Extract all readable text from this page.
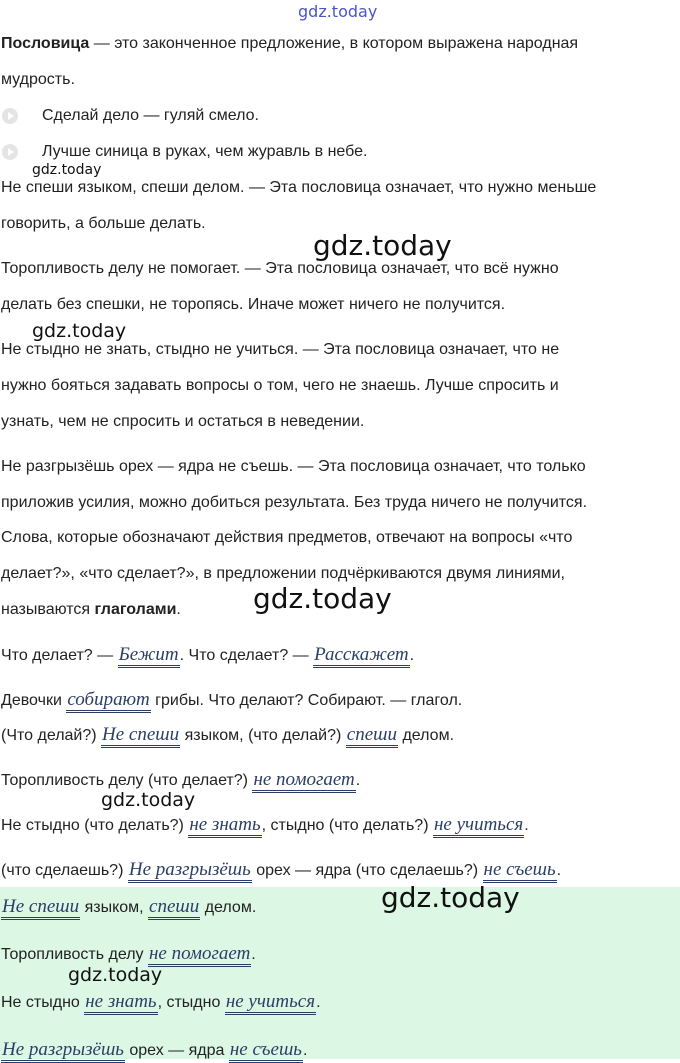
Пословица — это законченное предложение, в котором выражена народная
мудрость.
Сделай дело — гуляй смело.
Лучше синица в руках, чем журавль в небе.
Не спеши языком, спеши делом. — Эта пословица означает, что нужно меньше
говорить, а больше делать.
Торопливость делу не помогает. — Эта пословица означает, что всё нужно
делать без спешки, не торопясь. Иначе может ничего не получится.
Не стыдно не знать, стыдно не учиться. — Эта пословица означает, что не
нужно бояться задавать вопросы о том, чего не знаешь. Лучше спросить и
узнать, чем не спросить и остаться в неведении.
Не разгрызёшь орех — ядра не съешь. — Эта пословица означает, что только
приложив усилия, можно добиться результата. Без труда ничего не получится.
Слова, которые обозначают действия предметов, отвечают на вопросы «что
делает?», «что сделает?», в предложении подчёркиваются двумя линиями,
называются глаголами.
Что делает? — Бежит. Что сделает? — Расскажет.
Девочки собирают грибы. Что делают? Собирают. — глагол.
(Что делай?) Не спеши языком, (что делай?) спеши делом.
Торопливость делу (что делает?) не помогает.
Не стыдно (что делать?) не знать, стыдно (что делать?) не учиться.
(что сделаешь?) Не разгрызёшь орех — ядра (что сделаешь?) не съешь.
Не спеши языком, спеши делом.
Торопливость делу не помогает.
Не стыдно не знать, стыдно не учиться.
Не разгрызёшь орех — ядра не съешь.
gdz.today
gdz.today
gdz.today
gdz.today
gdz.today
gdz.today
gdz.today
gdz.today
